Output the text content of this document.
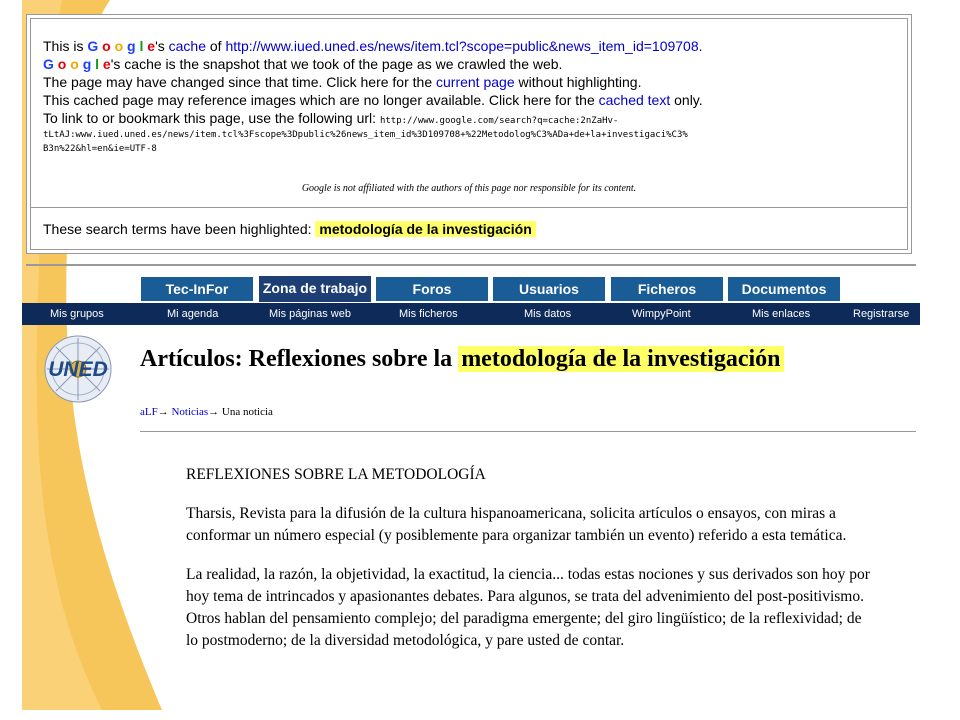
This is G o o g l e's cache of http://www.iued.uned.es/news/item.tcl?scope=public&news_item_id=109708.
G o o g l e's cache is the snapshot that we took of the page as we crawled the web.
The page may have changed since that time. Click here for the current page without highlighting.
This cached page may reference images which are no longer available. Click here for the cached text only.
To link to or bookmark this page, use the following url: http://www.google.com/search?q=cache:2nZaHv-
tLtAJ:www.iued.uned.es/news/item.tcl%3Fscope%3Dpublic%26news_item_id%3D109708+%22Metodolog%C3%ADa+de+la+investigaci%C3%
B3n%22&hl=en&ie=UTF-8
Google is not affiliated with the authors of this page nor responsible for its content.
These search terms have been highlighted: metodología de la investigación
Tec-InFor	Zona de trabajo	Foros	Usuarios	Ficheros	Documentos
Mis grupos	Mi agenda	Mis páginas web	Mis ficheros	Mis datos	WimpyPoint	Mis enlaces	Registrarse
UNED Artículos: Reflexiones sobre la metodología de la investigación
aLF→ Noticias→ Una noticia

REFLEXIONES SOBRE LA METODOLOGÍA

Tharsis, Revista para la difusión de la cultura hispanoamericana, solicita artículos o ensayos, con miras a conformar un número especial (y posiblemente para organizar también un evento) referido a esta temática.

La realidad, la razón, la objetividad, la exactitud, la ciencia... todas estas nociones y sus derivados son hoy por hoy tema de intrincados y apasionantes debates. Para algunos, se trata del advenimiento del post-positivismo. Otros hablan del pensamiento complejo; del paradigma emergente; del giro lingüístico; de la reflexividad; de lo postmoderno; de la diversidad metodológica, y pare usted de contar.
